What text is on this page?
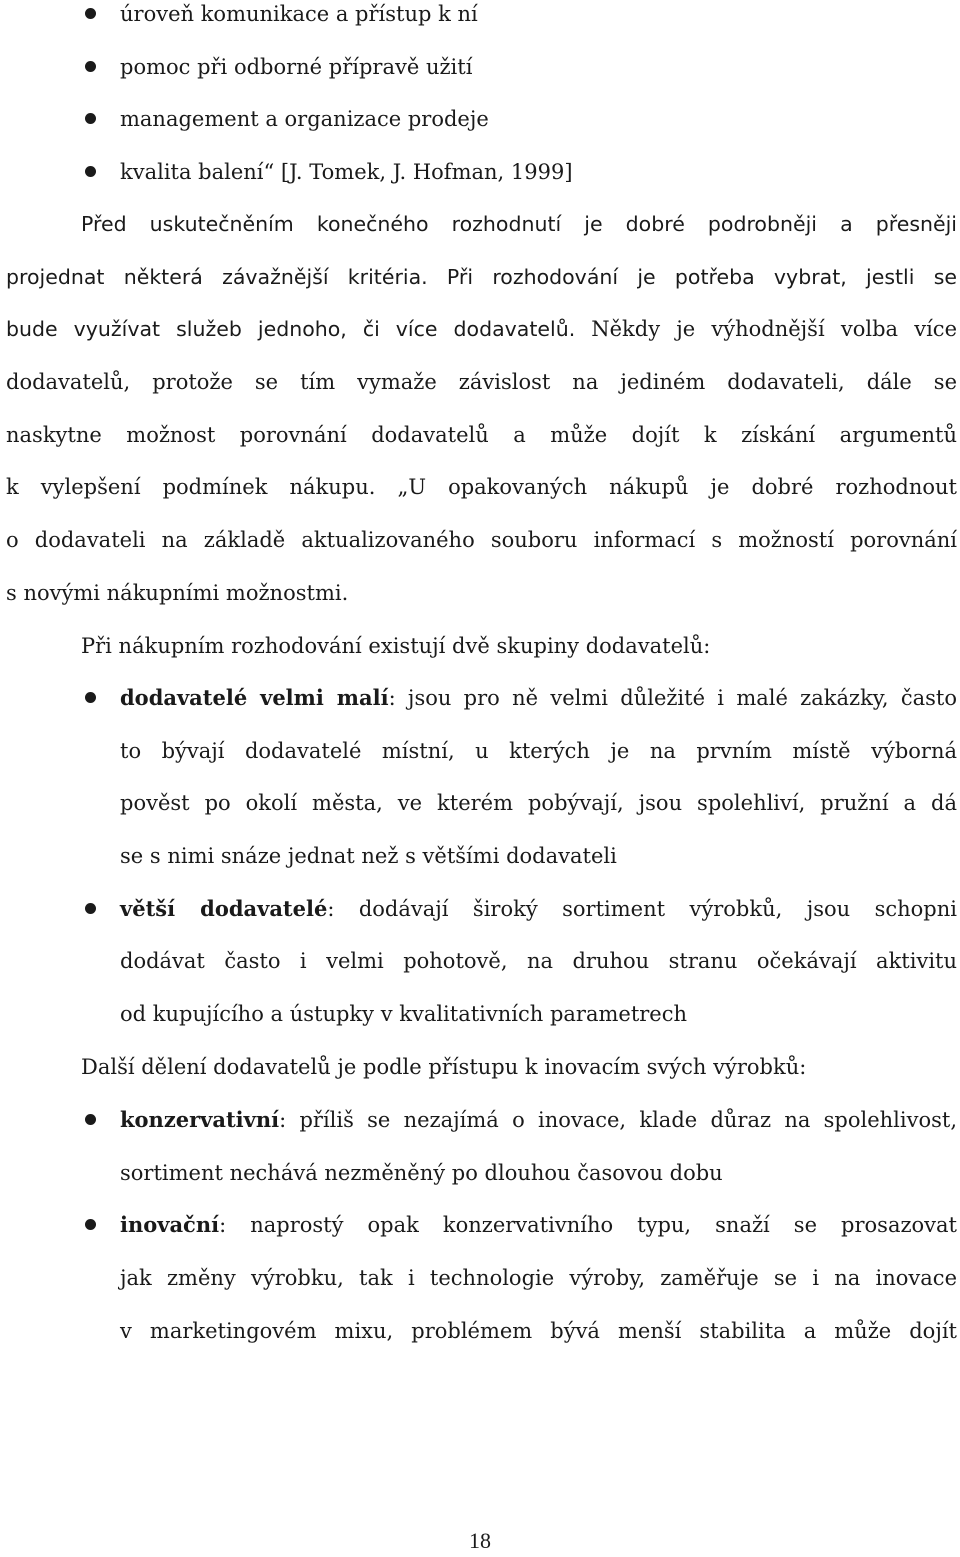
úroveň komunikace a přístup k ní
pomoc při odborné přípravě užití
management a organizace prodeje
kvalita balení“ [J. Tomek, J. Hofman, 1999]
Před uskutečněním konečného rozhodnutí je dobré podrobněji a přesněji
projednat některá závažnější kritéria. Při rozhodování je potřeba vybrat, jestli se
bude využívat služeb jednoho, či více dodavatelů. Někdy je výhodnější volba více
dodavatelů, protože se tím vymaže závislost na jediném dodavateli, dále se
naskytne možnost porovnání dodavatelů a může dojít k získání argumentů
k vylepšení podmínek nákupu. „U opakovaných nákupů je dobré rozhodnout
o dodavateli na základě aktualizovaného souboru informací s možností porovnání
s novými nákupními možnostmi.
Při nákupním rozhodování existují dvě skupiny dodavatelů:
dodavatelé velmi malí: jsou pro ně velmi důležité i malé zakázky, často
to bývají dodavatelé místní, u kterých je na prvním místě výborná
pověst po okolí města, ve kterém pobývají, jsou spolehliví, pružní a dá
se s nimi snáze jednat než s většími dodavateli
větší dodavatelé: dodávají široký sortiment výrobků, jsou schopni
dodávat často i velmi pohotově, na druhou stranu očekávají aktivitu
od kupujícího a ústupky v kvalitativních parametrech
Další dělení dodavatelů je podle přístupu k inovacím svých výrobků:
konzervativní: příliš se nezajímá o inovace, klade důraz na spolehlivost,
sortiment nechává nezměněný po dlouhou časovou dobu
inovační: naprostý opak konzervativního typu, snaží se prosazovat
jak změny výrobku, tak i technologie výroby, zaměřuje se i na inovace
v marketingovém mixu, problémem bývá menší stabilita a může dojít
18
